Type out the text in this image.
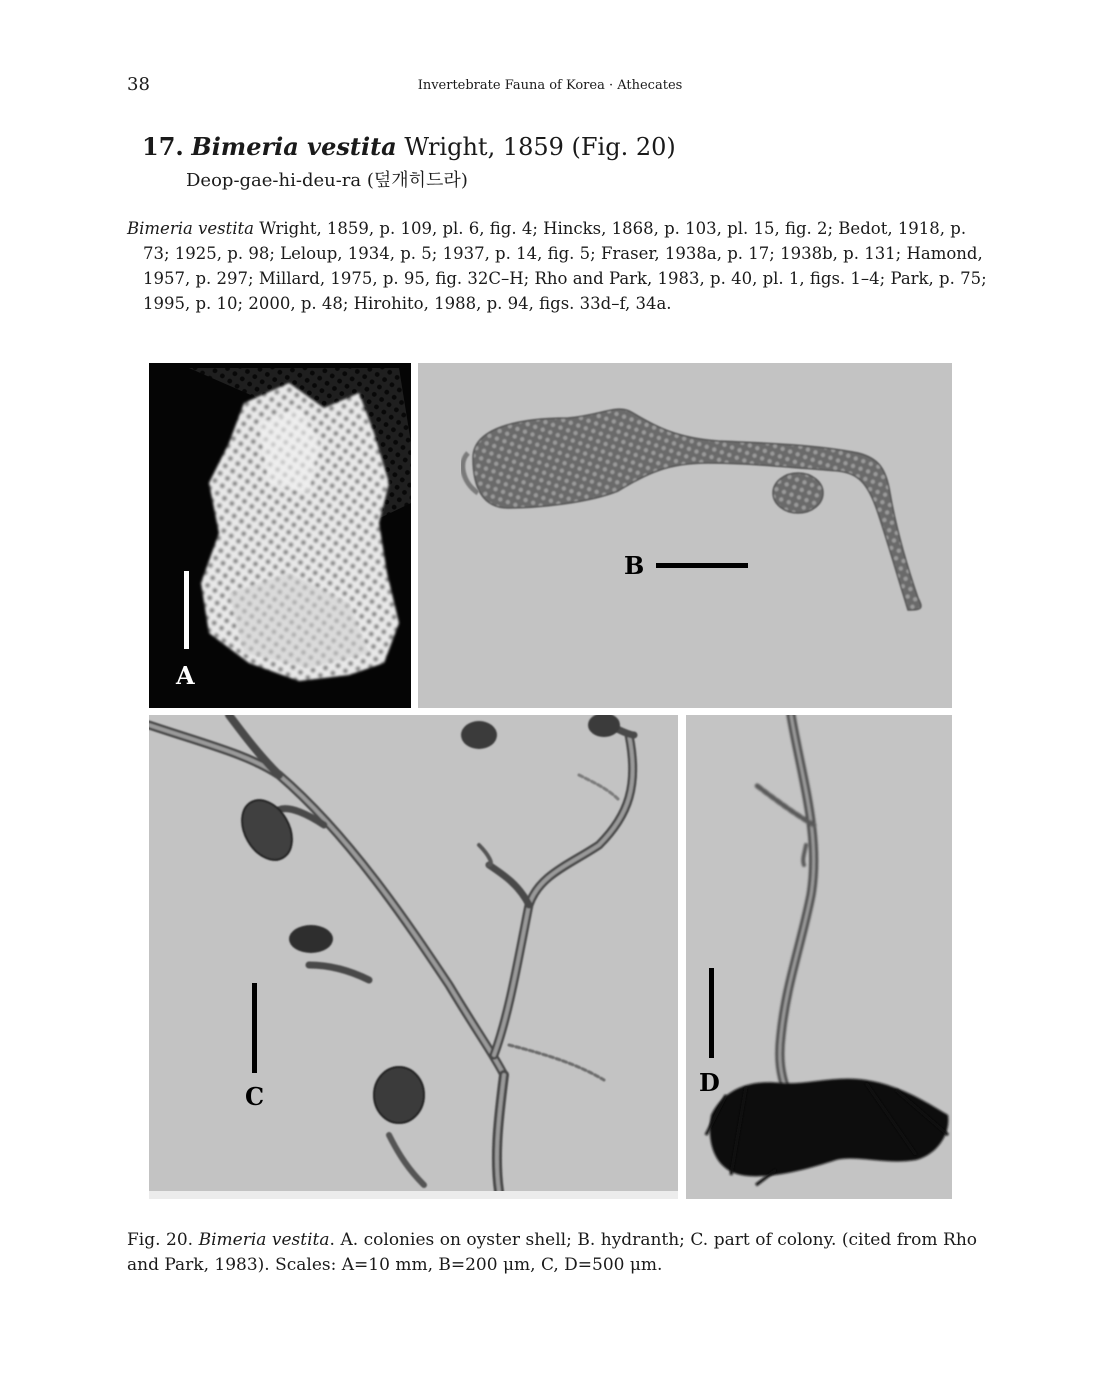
38	Invertebrate Fauna of Korea · Athecates
17. Bimeria vestita Wright, 1859 (Fig. 20)
Deop-gae-hi-deu-ra (덮개히드라)
Bimeria vestita Wright, 1859, p. 109, pl. 6, fig. 4; Hincks, 1868, p. 103, pl. 15, fig. 2; Bedot, 1918, p. 73; 1925, p. 98; Leloup, 1934, p. 5; 1937, p. 14, fig. 5; Fraser, 1938a, p. 17; 1938b, p. 131; Hamond, 1957, p. 297; Millard, 1975, p. 95, fig. 32C–H; Rho and Park, 1983, p. 40, pl. 1, figs. 1–4; Park, p. 75; 1995, p. 10; 2000, p. 48; Hirohito, 1988, p. 94, figs. 33d–f, 34a.
A
B
C	D
Fig. 20. Bimeria vestita. A. colonies on oyster shell; B. hydranth; C. part of colony. (cited from Rho and Park, 1983). Scales: A=10 mm, B=200 μm, C, D=500 μm.
